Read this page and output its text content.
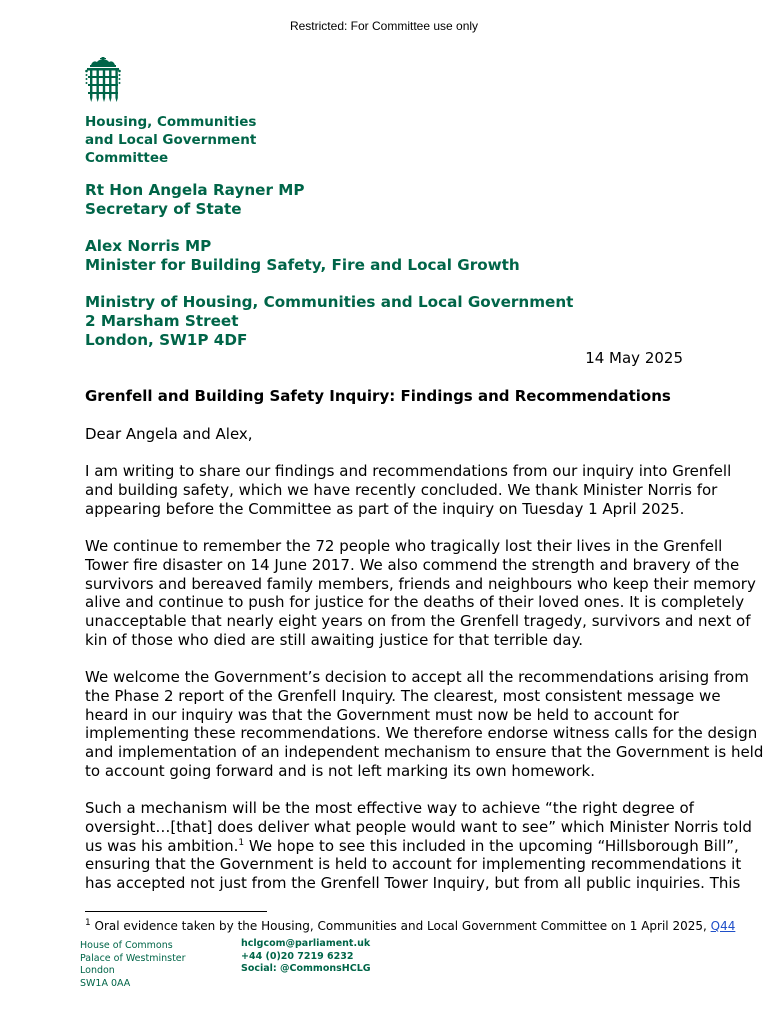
Restricted: For Committee use only
Housing, Communities
and Local Government
Committee
Rt Hon Angela Rayner MP
Secretary of State
Alex Norris MP
Minister for Building Safety, Fire and Local Growth
Ministry of Housing, Communities and Local Government
2 Marsham Street
London, SW1P 4DF
14 May 2025
Grenfell and Building Safety Inquiry: Findings and Recommendations
Dear Angela and Alex,
I am writing to share our findings and recommendations from our inquiry into Grenfell
and building safety, which we have recently concluded. We thank Minister Norris for
appearing before the Committee as part of the inquiry on Tuesday 1 April 2025.
We continue to remember the 72 people who tragically lost their lives in the Grenfell
Tower fire disaster on 14 June 2017. We also commend the strength and bravery of the
survivors and bereaved family members, friends and neighbours who keep their memory
alive and continue to push for justice for the deaths of their loved ones. It is completely
unacceptable that nearly eight years on from the Grenfell tragedy, survivors and next of
kin of those who died are still awaiting justice for that terrible day.
We welcome the Government’s decision to accept all the recommendations arising from
the Phase 2 report of the Grenfell Inquiry. The clearest, most consistent message we
heard in our inquiry was that the Government must now be held to account for
implementing these recommendations. We therefore endorse witness calls for the design
and implementation of an independent mechanism to ensure that the Government is held
to account going forward and is not left marking its own homework.
Such a mechanism will be the most effective way to achieve “the right degree of
oversight…[that] does deliver what people would want to see” which Minister Norris told
us was his ambition.$^1$ We hope to see this included in the upcoming “Hillsborough Bill”,
ensuring that the Government is held to account for implementing recommendations it
has accepted not just from the Grenfell Tower Inquiry, but from all public inquiries. This
$^1$ Oral evidence taken by the Housing, Communities and Local Government Committee on 1 April 2025, Q44
House of Commons
Palace of Westminster
London
SW1A 0AA
hclgcom@parliament.uk
+44 (0)20 7219 6232
Social: @CommonsHCLG
